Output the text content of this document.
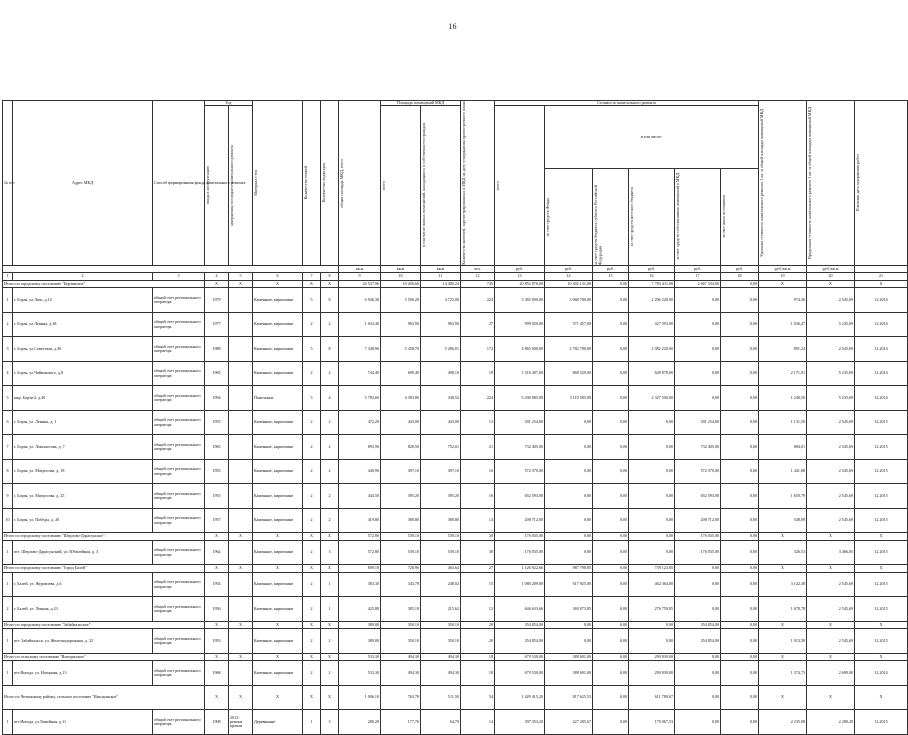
16
№ п/п	Адрес МКД	Способ формирования фонда капитального ремонта	Год		Материал стен	Количество этажей	Количество подъездов	общая площадь МКД, всего	Площадь помещений МКД		Количество жителей, зарегистрированных в МКД на дату утверждения краткосрочного плана	Стоимость капитального ремонта						Удельная стоимость капитального ремонта 1 кв. м общей площади помещений МКД	Предельная стоимость капитального ремонта 1 кв. м общей площади помещений МКД	Плановая дата завершения работ

			ввода в эксплуатацию	завершения последнего капитального ремонта					всего	в том числе жилых помещений, находящихся в собственности граждан		всего	в том числе:							

													за счет средств Фонда	за счет средств бюджета субъекта Российской Федерации	за счет средств местного бюджета	за счет средств собственников помещений в МКД	за счет иных источников			

								кв.м	кв.м	кв.м	чел.	руб.	руб.	руб.	руб.	руб.	руб.	руб./кв.м	руб./кв.м	
1	2	3	4	5	6	7	8	9	10	11	12	13	14	15	16	17	18	19	20	21
Итого по городскому поселению "Борзинское"			X	X	X	X	X	24 537,96	19 456,60	14 400,24	745	20 852 876,00	10 402 131,00	0,00	7 783 411,00	2 667 334,00	0,00	X	X	X
1	г. Борзя, ул.Лазо, д.14	общий счет регионального оператора	1979		Каменные, кирпичные	5	8	6 946,30	5 506,20	4 725,00	224	5 365 000,00	3 068 780,00	0,00	2 296 220,00	0,00	0,00	974,36	2 545,69	12.2014
2	г. Борзя, ул.Ленина, д.38	общий счет регионального оператора	1977		Каменные, кирпичные	2	2	1 043,40	963,90	963,90	27	999 050,00	571 457,00	0,00	427 593,00	0,00	0,00	1 036,47	5 235,69	12.2014
3	г. Борзя, ул.Советская, д.30	общий счет регионального оператора	1988		Каменные, кирпичные	5	8	7 348,96	5 458,70	5 286,01	172	4 865 000,00	2 782 780,00	0,00	2 082 220,00	0,00	0,00	891,24	2 545,69	12.2014
4	г. Борзя, ул.Чайковского, д.8	общий счет регионального оператора	1965		Каменные, кирпичные	2	2	744,40	699,40	498,10	18	1 518 407,00	868 529,00	0,00	649 878,00	0,00	0,00	2 171,01	5 235,69	12.2014
5	мкр. Борзя-2, д.40	общий счет регионального оператора	1994		Панельные	5	4	5 783,60	4 383,80	338,52	224	5 438 085,00	3 110 585,00	0,00	2 327 500,00	0,00	0,00	1 240,50	5 235,69	12.2014
6	г. Борзя, ул. Ленина, д. 1	общий счет регионального оператора	1955		Каменные, кирпичные	2	2	472,20	443,00	443,00	13	501 254,00	0,00	0,00	0,00	501 254,00	0,00	1 131,50	2 545,69	12.2015
7	г. Борзя, ул. Ломоносова, д. 7	общий счет регионального оператора	1965		Каменные, кирпичные	2	2	893,90	828,50	752,01	21	732 405,00	0,00	0,00	0,00	732 405,00	0,00	884,01	2 545,69	12.2015
8	г. Борзя, ул. Матросова, д. 18	общий счет регионального оператора	1955		Каменные, кирпичные	2	2	440,90	397,10	397,10	16	572 370,00	0,00	0,00	0,00	572 370,00	0,00	1 441,88	2 545,69	12.2015
9	г. Борзя, ул. Матросова, д. 25	общий счет регионального оператора	1955		Каменные, кирпичные	2	2	444,50	395,20	395,20	16	652 593,00	0,00	0,00	0,00	652 593,00	0,00	1 650,79	2 545,69	12.2015
10	г. Борзя, ул. Победы, д. 20	общий счет регионального оператора	1957		Каменные, кирпичные	2	2	419,80	380,80	380,80	14	208 712,00	0,00	0,00	0,00	208 712,00	0,00	548,09	2 545,69	12.2015
Итого по городскому поселению "Шерлово-Дарасунское":			X	X	X	X	X	572,80	539,10	539,10	30	176 035,00	0,00	0,00	0,00	176 035,00	0,00	X	X	X
1	пгт. Шерлово-Дарасунский, ул. Юбилейная, д. 3	общий счет регионального оператора	1962		Каменные, кирпичные	2	3	572,80	539,10	539,10	30	176 035,00	0,00	0,00	0,00	176 035,00	0,00	326,53	3 466,05	12.2015
Итого по городскому поселению "Город Балей"			X	X	X	X	X	809,18	728,96	463,64	27	1 126 922,66	987 798,85	0,00	739 123,85	0,00	0,00	X	X	X
1	г. Балей, ул. Журавлева, д.6	общий счет регионального оператора	1954		Каменные, кирпичные	2	1	383,30	343,78	248,02	15	1 080 289,00	617 925,00	0,00	462 364,00	0,00	0,00	3 142,38	2 545,69	12.2015
2	г. Балей, ул. Ленина, д.23	общий счет регионального оператора	1956		Каменные, кирпичные	2	1	425,88	385,18	215,62	12	646 633,66	369 873,85	0,00	276 759,85	0,00	0,00	1 678,78	2 545,69	12.2015
Итого по городскому поселению "Забайкальское":			X	X	X	X	X	389,00	350,10	350,10	20	354 854,00	0,00	0,00	0,00	354 854,00	0,00	X	X	X
1	пгт. Забайкальск, ул. Железнодорожная, д. 32	общий счет регионального оператора	1953		Каменные, кирпичные	2	2	389,00	350,10	350,10	20	354 854,00	0,00	0,00	0,00	354 854,00	0,00	1 013,58	2 545,69	12.2015
Итого по сельскому поселению "Ингодинское"			X	X	X	X	X	533,30	494,30	494,30	18	679 530,00	388 691,00	0,00	290 839,00	0,00	0,00	X	X	X
1	пгт.Ингода, ул. Нагорная, д.13	общий счет регионального оператора	1968		Каменные, кирпичные	2	2	533,30	494,30	494,30	18	679 530,00	388 691,00	0,00	290 839,00	0,00	0,00	1 374,73	2 690,00	12.2014
Итого по Читинскому району, сельское поселение "Ингодинское"			X	X	X	X	X	1 006,10	763,78	511,50	54	1 429 415,20	817 625,53	0,00	611 789,67	0,00	0,00	X	X	X
1	пгт.Ингода, ул.Линейная, д.11	общий счет регионального оператора	1908	2013-ремонт кровли	Деревянные	1	3	280,20	177,76	64,70	14	397 353,20	227 285,67	0,00	170 067,53	0,00	0,00	2 235,08	2 280,20	12.2015
